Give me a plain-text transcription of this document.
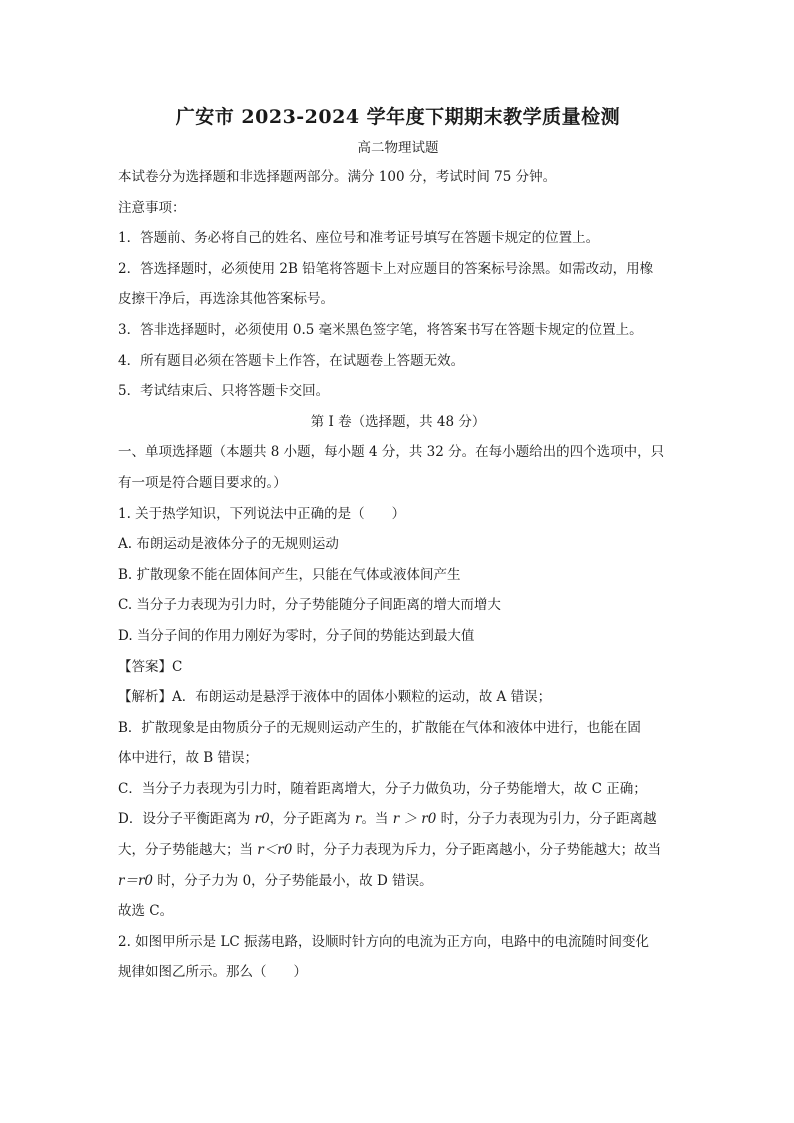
广安市 2023-2024 学年度下期期末教学质量检测
高二物理试题

本试卷分为选择题和非选择题两部分。满分 100 分，考试时间 75 分钟。

注意事项：

1．答题前、务必将自己的姓名、座位号和准考证号填写在答题卡规定的位置上。

2．答选择题时，必须使用 2B 铅笔将答题卡上对应题目的答案标号涂黑。如需改动，用橡

皮擦干净后，再选涂其他答案标号。

3．答非选择题时，必须使用 0.5 毫米黑色签字笔，将答案书写在答题卡规定的位置上。

4．所有题目必须在答题卡上作答，在试题卷上答题无效。

5．考试结束后、只将答题卡交回。

第 I 卷（选择题，共 48 分）

一、单项选择题（本题共 8 小题，每小题 4 分，共 32 分。在每小题给出的四个选项中，只

有一项是符合题目要求的。）

1. 关于热学知识，下列说法中正确的是（　　）

A. 布朗运动是液体分子的无规则运动

B. 扩散现象不能在固体间产生，只能在气体或液体间产生

C. 当分子力表现为引力时，分子势能随分子间距离的增大而增大

D. 当分子间的作用力刚好为零时，分子间的势能达到最大值

【答案】C

【解析】A．布朗运动是悬浮于液体中的固体小颗粒的运动，故 A 错误；

B．扩散现象是由物质分子的无规则运动产生的，扩散能在气体和液体中进行，也能在固

体中进行，故 B 错误；

C．当分子力表现为引力时，随着距离增大，分子力做负功，分子势能增大，故 C 正确；

D．设分子平衡距离为 r0，分子距离为 r。当 r ＞ r0 时，分子力表现为引力，分子距离越

大，分子势能越大；当 r＜r0 时，分子力表现为斥力，分子距离越小，分子势能越大；故当

r＝r0 时，分子力为 0，分子势能最小，故 D 错误。

故选 C。

2. 如图甲所示是 LC 振荡电路，设顺时针方向的电流为正方向，电路中的电流随时间变化

规律如图乙所示。那么（　　）
